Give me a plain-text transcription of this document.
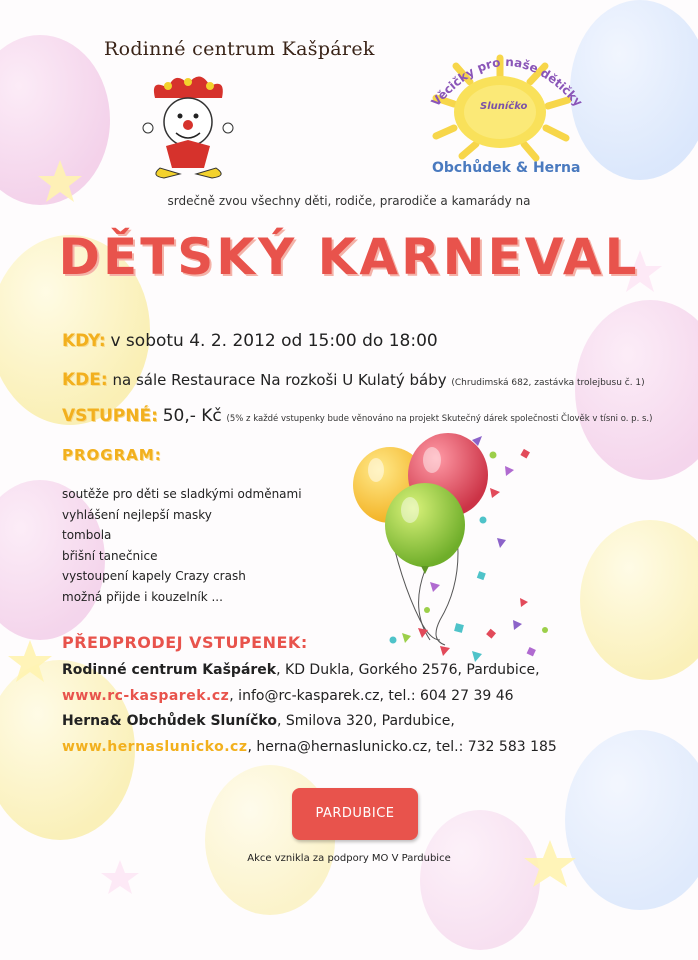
Věcičky pro naše dětičky
Sluníčko
Rodinné centrum Kašpárek
Obchůdek & Herna
srdečně zvou všechny děti, rodiče, prarodiče a kamarády na
DĚTSKÝ KARNEVAL
KDY: v sobotu 4. 2. 2012 od 15:00 do 18:00
KDE: na sále Restaurace Na rozkoši U Kulatý báby (Chrudimská 682, zastávka trolejbusu č. 1)
VSTUPNÉ: 50,- Kč (5% z každé vstupenky bude věnováno na projekt Skutečný dárek společnosti Člověk v tísni o. p. s.)
PROGRAM:
soutěže pro děti se sladkými odměnami
vyhlášení nejlepší masky
tombola
břišní tanečnice
vystoupení kapely Crazy crash
možná přijde i kouzelník ...
PŘEDPRODEJ VSTUPENEK:
Rodinné centrum Kašpárek, KD Dukla, Gorkého 2576, Pardubice,
www.rc-kasparek.cz, info@rc-kasparek.cz, tel.: 604 27 39 46
Herna& Obchůdek Sluníčko, Smilova 320, Pardubice,
www.hernaslunicko.cz, herna@hernaslunicko.cz, tel.: 732 583 185
PARDUBICE
Akce vznikla za podpory MO V Pardubice
